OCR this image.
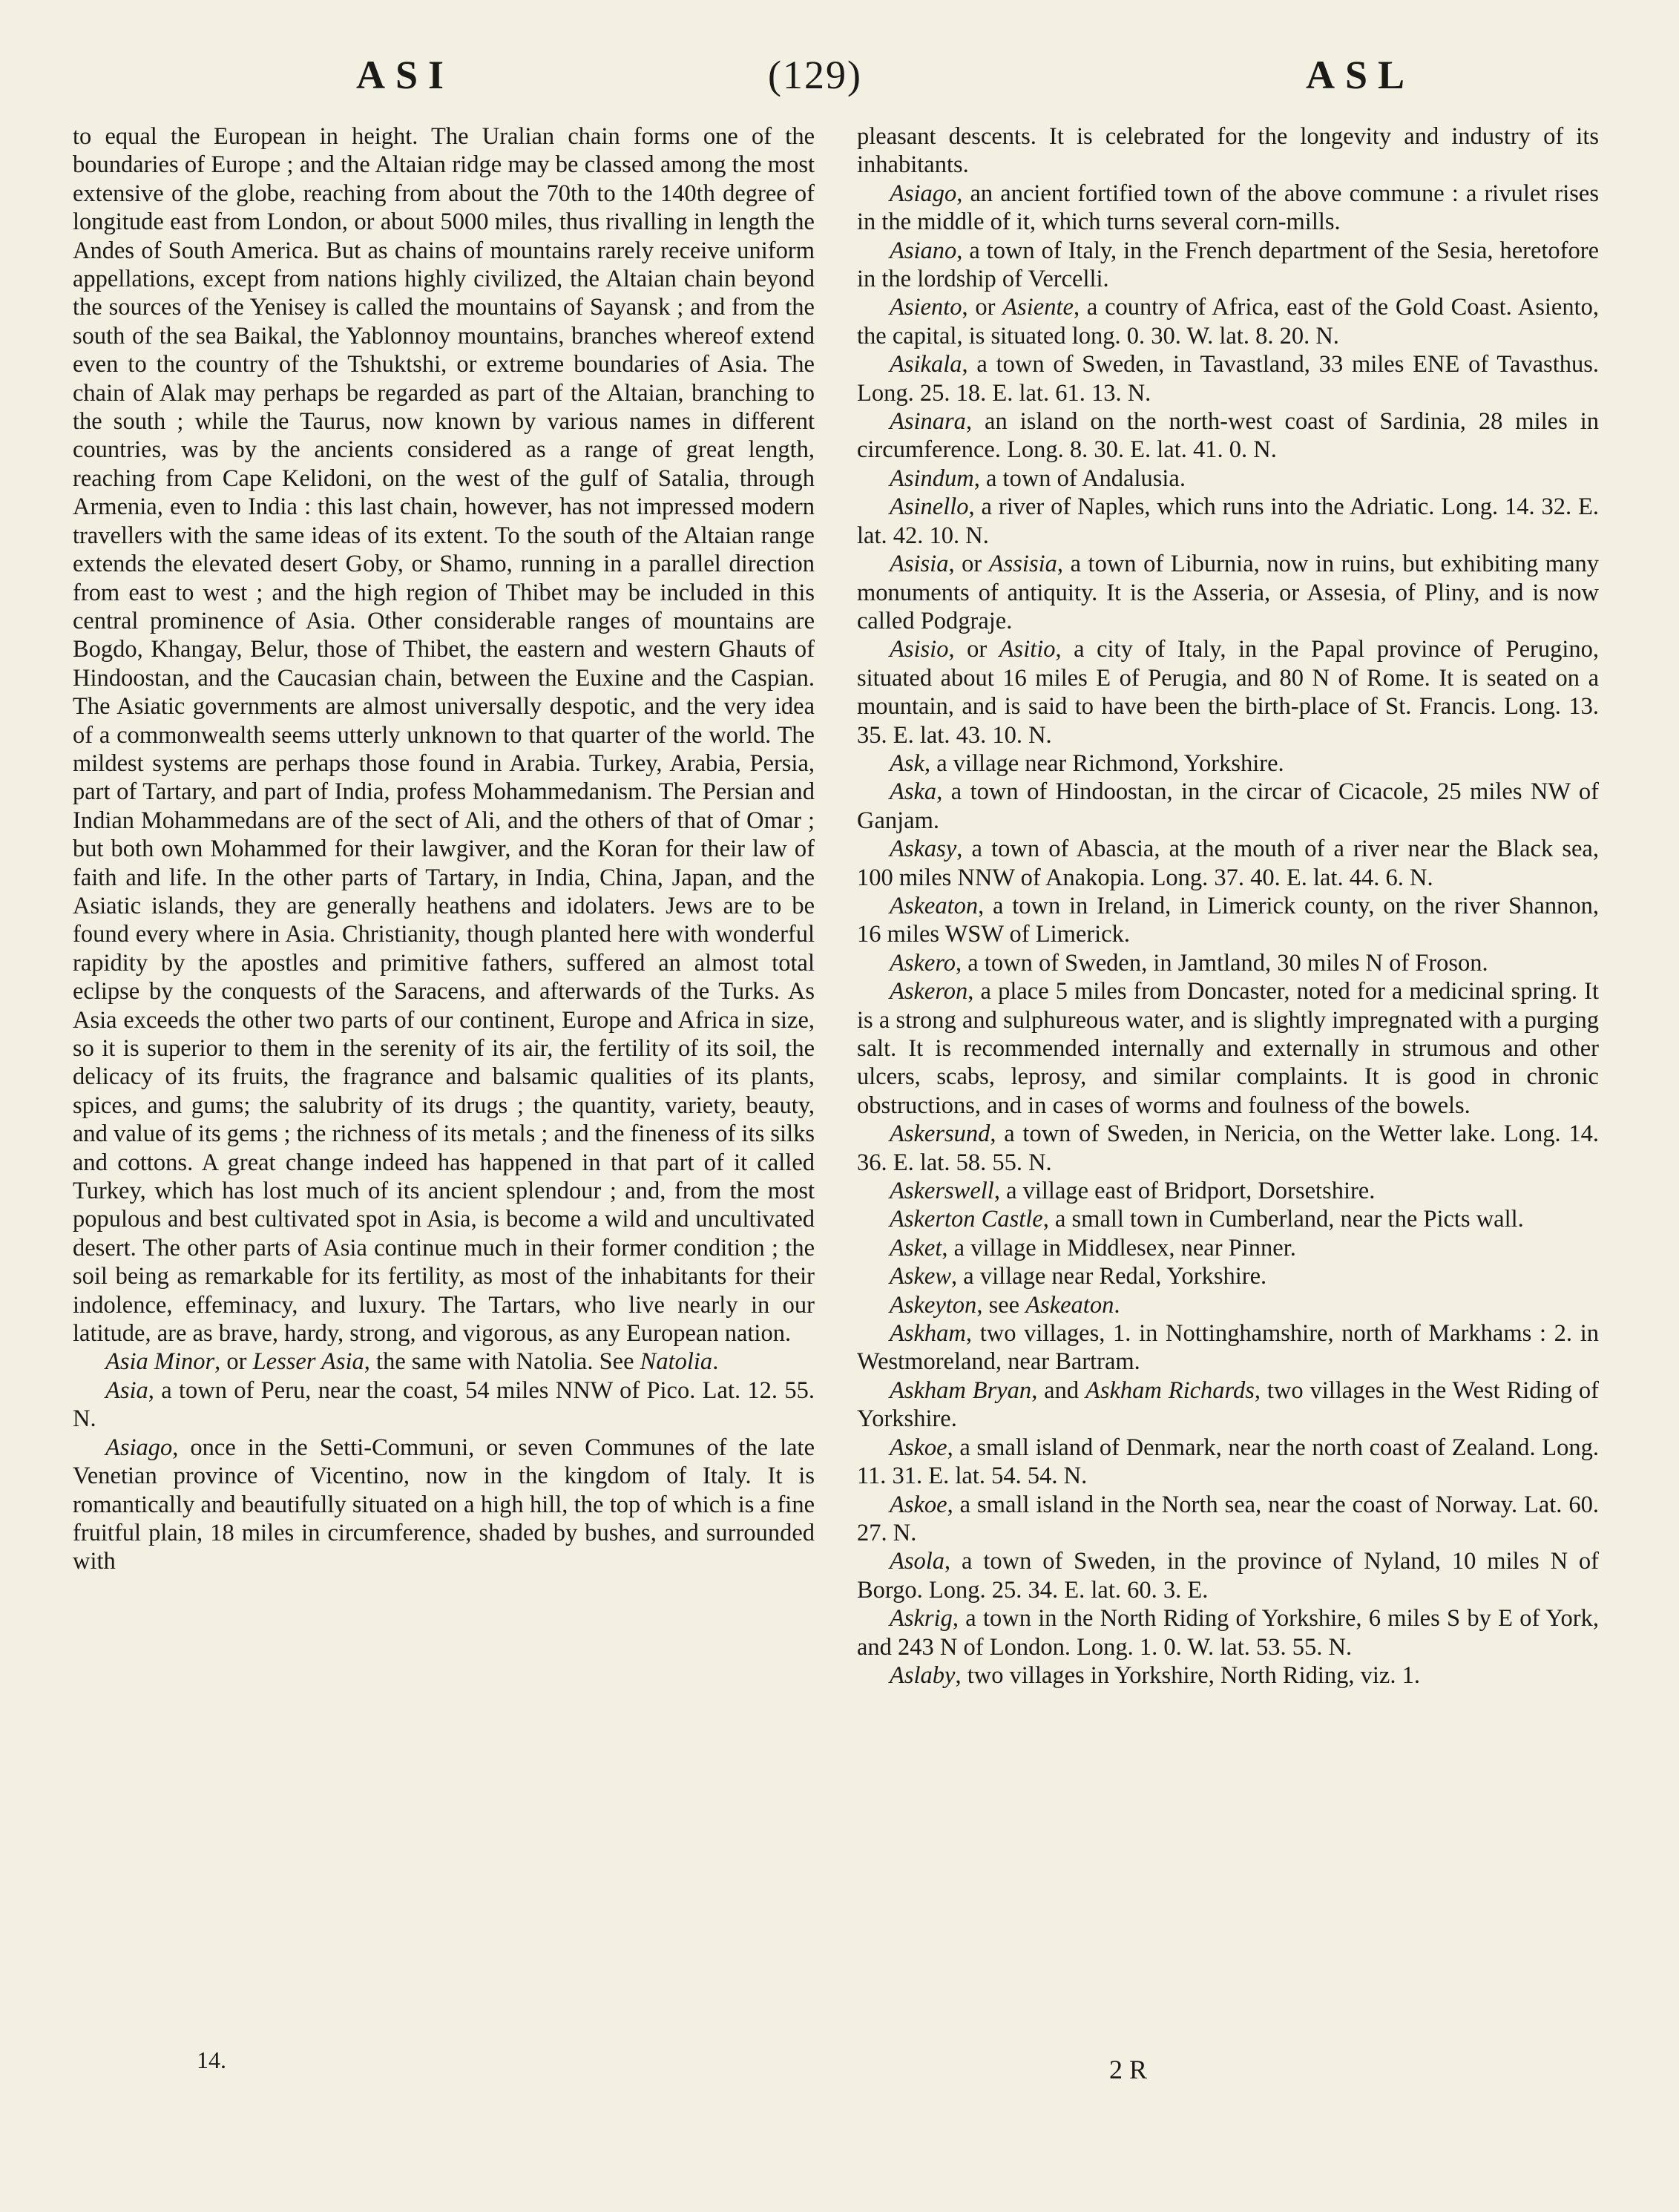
ASI	(129)	ASL

to equal the European in height. The Uralian chain forms one of the boundaries of Europe ; and the Altaian ridge may be classed among the most extensive of the globe, reaching from about the 70th to the 140th degree of longitude east from London, or about 5000 miles, thus rivalling in length the Andes of South America. But as chains of mountains rarely receive uniform appellations, except from nations highly civilized, the Altaian chain beyond the sources of the Yenisey is called the mountains of Sayansk ; and from the south of the sea Baikal, the Yablonnoy mountains, branches whereof extend even to the country of the Tshuktshi, or extreme boundaries of Asia. The chain of Alak may perhaps be regarded as part of the Altaian, branching to the south ; while the Taurus, now known by various names in different countries, was by the ancients considered as a range of great length, reaching from Cape Kelidoni, on the west of the gulf of Satalia, through Armenia, even to India : this last chain, however, has not impressed modern travellers with the same ideas of its extent. To the south of the Altaian range extends the elevated desert Goby, or Shamo, running in a parallel direction from east to west ; and the high region of Thibet may be included in this central prominence of Asia. Other considerable ranges of mountains are Bogdo, Khangay, Belur, those of Thibet, the eastern and western Ghauts of Hindoostan, and the Caucasian chain, between the Euxine and the Caspian. The Asiatic governments are almost universally despotic, and the very idea of a commonwealth seems utterly unknown to that quarter of the world. The mildest systems are perhaps those found in Arabia. Turkey, Arabia, Persia, part of Tartary, and part of India, profess Mohammedanism. The Persian and Indian Mohammedans are of the sect of Ali, and the others of that of Omar ; but both own Mohammed for their lawgiver, and the Koran for their law of faith and life. In the other parts of Tartary, in India, China, Japan, and the Asiatic islands, they are generally heathens and idolaters. Jews are to be found every where in Asia. Christianity, though planted here with wonderful rapidity by the apostles and primitive fathers, suffered an almost total eclipse by the conquests of the Saracens, and afterwards of the Turks. As Asia exceeds the other two parts of our continent, Europe and Africa in size, so it is superior to them in the serenity of its air, the fertility of its soil, the delicacy of its fruits, the fragrance and balsamic qualities of its plants, spices, and gums; the salubrity of its drugs ; the quantity, variety, beauty, and value of its gems ; the richness of its metals ; and the fineness of its silks and cottons. A great change indeed has happened in that part of it called Turkey, which has lost much of its ancient splendour ; and, from the most populous and best cultivated spot in Asia, is become a wild and uncultivated desert. The other parts of Asia continue much in their former condition ; the soil being as remarkable for its fertility, as most of the inhabitants for their indolence, effeminacy, and luxury. The Tartars, who live nearly in our latitude, are as brave, hardy, strong, and vigorous, as any European nation.

Asia Minor, or Lesser Asia, the same with Natolia. See Natolia.

Asia, a town of Peru, near the coast, 54 miles NNW of Pico. Lat. 12. 55. N.

Asiago, once in the Setti-Communi, or seven Communes of the late Venetian province of Vicentino, now in the kingdom of Italy. It is romantically and beautifully situated on a high hill, the top of which is a fine fruitful plain, 18 miles in circumference, shaded by bushes, and surrounded with

pleasant descents. It is celebrated for the longevity and industry of its inhabitants.

Asiago, an ancient fortified town of the above commune : a rivulet rises in the middle of it, which turns several corn-mills.

Asiano, a town of Italy, in the French department of the Sesia, heretofore in the lordship of Vercelli.

Asiento, or Asiente, a country of Africa, east of the Gold Coast. Asiento, the capital, is situated long. 0. 30. W. lat. 8. 20. N.

Asikala, a town of Sweden, in Tavastland, 33 miles ENE of Tavasthus. Long. 25. 18. E. lat. 61. 13. N.

Asinara, an island on the north-west coast of Sardinia, 28 miles in circumference. Long. 8. 30. E. lat. 41. 0. N.

Asindum, a town of Andalusia.

Asinello, a river of Naples, which runs into the Adriatic. Long. 14. 32. E. lat. 42. 10. N.

Asisia, or Assisia, a town of Liburnia, now in ruins, but exhibiting many monuments of antiquity. It is the Asseria, or Assesia, of Pliny, and is now called Podgraje.

Asisio, or Asitio, a city of Italy, in the Papal province of Perugino, situated about 16 miles E of Perugia, and 80 N of Rome. It is seated on a mountain, and is said to have been the birth-place of St. Francis. Long. 13. 35. E. lat. 43. 10. N.

Ask, a village near Richmond, Yorkshire.

Aska, a town of Hindoostan, in the circar of Cicacole, 25 miles NW of Ganjam.

Askasy, a town of Abascia, at the mouth of a river near the Black sea, 100 miles NNW of Anakopia. Long. 37. 40. E. lat. 44. 6. N.

Askeaton, a town in Ireland, in Limerick county, on the river Shannon, 16 miles WSW of Limerick.

Askero, a town of Sweden, in Jamtland, 30 miles N of Froson.

Askeron, a place 5 miles from Doncaster, noted for a medicinal spring. It is a strong and sulphureous water, and is slightly impregnated with a purging salt. It is recommended internally and externally in strumous and other ulcers, scabs, leprosy, and similar complaints. It is good in chronic obstructions, and in cases of worms and foulness of the bowels.

Askersund, a town of Sweden, in Nericia, on the Wetter lake. Long. 14. 36. E. lat. 58. 55. N.

Askerswell, a village east of Bridport, Dorsetshire.

Askerton Castle, a small town in Cumberland, near the Picts wall.

Asket, a village in Middlesex, near Pinner.

Askew, a village near Redal, Yorkshire.

Askeyton, see Askeaton.

Askham, two villages, 1. in Nottinghamshire, north of Markhams : 2. in Westmoreland, near Bartram.

Askham Bryan, and Askham Richards, two villages in the West Riding of Yorkshire.

Askoe, a small island of Denmark, near the north coast of Zealand. Long. 11. 31. E. lat. 54. 54. N.

Askoe, a small island in the North sea, near the coast of Norway. Lat. 60. 27. N.

Asola, a town of Sweden, in the province of Nyland, 10 miles N of Borgo. Long. 25. 34. E. lat. 60. 3. E.

Askrig, a town in the North Riding of Yorkshire, 6 miles S by E of York, and 243 N of London. Long. 1. 0. W. lat. 53. 55. N.

Aslaby, two villages in Yorkshire, North Riding, viz. 1.

14.	2 R
